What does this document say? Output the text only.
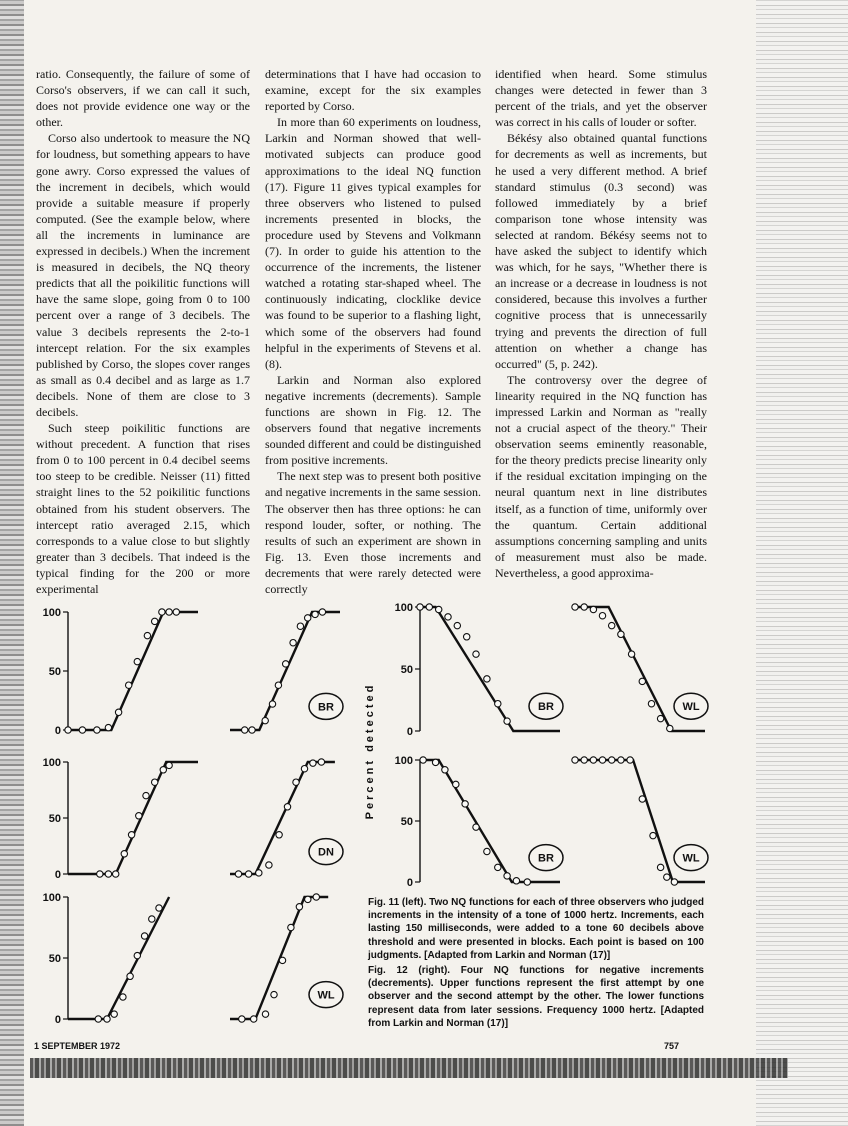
ratio. Consequently, the failure of some of Corso's observers, if we can call it such, does not provide evidence one way or the other.

Corso also undertook to measure the NQ for loudness, but something appears to have gone awry. Corso expressed the values of the increment in decibels, which would provide a suitable measure if properly computed. (See the example below, where all the increments in luminance are expressed in decibels.) When the increment is measured in decibels, the NQ theory predicts that all the poikilitic functions will have the same slope, going from 0 to 100 percent over a range of 3 decibels. The value 3 decibels represents the 2-to-1 intercept relation. For the six examples published by Corso, the slopes cover ranges as small as 0.4 decibel and as large as 1.7 decibels. None of them are close to 3 decibels.

Such steep poikilitic functions are without precedent. A function that rises from 0 to 100 percent in 0.4 decibel seems too steep to be credible. Neisser (11) fitted straight lines to the 52 poikilitic functions obtained from his student observers. The intercept ratio averaged 2.15, which corresponds to a value close to but slightly greater than 3 decibels. That indeed is the typical finding for the 200 or more experimental

determinations that I have had occasion to examine, except for the six examples reported by Corso.

In more than 60 experiments on loudness, Larkin and Norman showed that well-motivated subjects can produce good approximations to the ideal NQ function (17). Figure 11 gives typical examples for three observers who listened to pulsed increments presented in blocks, the procedure used by Stevens and Volkmann (7). In order to guide his attention to the occurrence of the increments, the listener watched a rotating star-shaped wheel. The continuously indicating, clocklike device was found to be superior to a flashing light, which some of the observers had found helpful in the experiments of Stevens et al. (8).

Larkin and Norman also explored negative increments (decrements). Sample functions are shown in Fig. 12. The observers found that negative increments sounded different and could be distinguished from positive increments.

The next step was to present both positive and negative increments in the same session. The observer then has three options: he can respond louder, softer, or nothing. The results of such an experiment are shown in Fig. 13. Even those increments and decrements that were rarely detected were correctly

identified when heard. Some stimulus changes were detected in fewer than 3 percent of the trials, and yet the observer was correct in his calls of louder or softer.

Békésy also obtained quantal functions for decrements as well as increments, but he used a very different method. A brief standard stimulus (0.3 second) was followed immediately by a brief comparison tone whose intensity was selected at random. Békésy seems not to have asked the subject to identify which was which, for he says, "Whether there is an increase or a decrease in loudness is not considered, because this involves a further cognitive process that is unnecessarily trying and prevents the direction of full attention on whether a change has occurred" (5, p. 242).

The controversy over the degree of linearity required in the NQ function has impressed Larkin and Norman as "really not a crucial aspect of the theory." Their observation seems eminently reasonable, for the theory predicts precise linearity only if the residual excitation impinging on the neural quantum next in line distributes itself, as a function of time, uniformly over the quantum. Certain additional assumptions concerning sampling and units of measurement must also be made. Nevertheless, a good approxima-

0
50
100
BR
0
50
100
DN
0
50
100
WL
Percent detected	0
50
100
BR	WL
0
50
100
BR	WL
Fig. 11 (left). Two NQ functions for each of three observers who judged increments in the intensity of a tone of 1000 hertz. Increments, each lasting 150 milliseconds, were added to a tone 60 decibels above threshold and were presented in blocks. Each point is based on 100 judgments. [Adapted from Larkin and Norman (17)]
Fig. 12 (right). Four NQ functions for negative increments (decrements). Upper functions represent the first attempt by one observer and the second attempt by the other. The lower functions represent data from later sessions. Frequency 1000 hertz. [Adapted from Larkin and Norman (17)]
1 SEPTEMBER 1972	757
